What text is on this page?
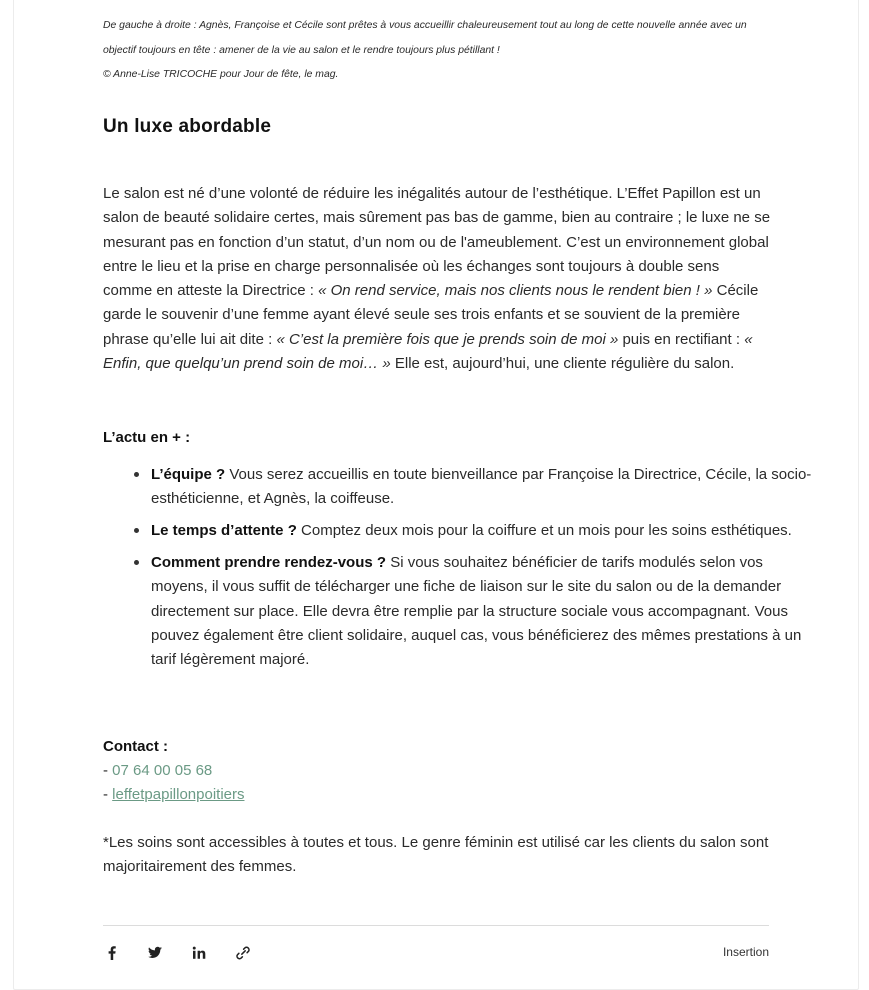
De gauche à droite : Agnès, Françoise et Cécile sont prêtes à vous accueillir chaleureusement tout au long de cette nouvelle année avec un objectif toujours en tête : amener de la vie au salon et le rendre toujours plus pétillant !

© Anne-Lise TRICOCHE pour Jour de fête, le mag.

Un luxe abordable

Le salon est né d’une volonté de réduire les inégalités autour de l’esthétique. L’Effet Papillon est un salon de beauté solidaire certes, mais sûrement pas bas de gamme, bien au contraire ; le luxe ne se mesurant pas en fonction d’un statut, d’un nom ou de l'ameublement. C’est un environnement global entre le lieu et la prise en charge personnalisée où les échanges sont toujours à double sens comme en atteste la Directrice : « On rend service, mais nos clients nous le rendent bien ! » Cécile garde le souvenir d’une femme ayant élevé seule ses trois enfants et se souvient de la première phrase qu’elle lui ait dite : « C’est la première fois que je prends soin de moi » puis en rectifiant : « Enfin, que quelqu’un prend soin de moi… » Elle est, aujourd’hui, une cliente régulière du salon.

L’actu en + :
L’équipe ? Vous serez accueillis en toute bienveillance par Françoise la Directrice, Cécile, la socio-esthéticienne, et Agnès, la coiffeuse.
Le temps d’attente ? Comptez deux mois pour la coiffure et un mois pour les soins esthétiques.
Comment prendre rendez-vous ? Si vous souhaitez bénéficier de tarifs modulés selon vos moyens, il vous suffit de télécharger une fiche de liaison sur le site du salon ou de la demander directement sur place. Elle devra être remplie par la structure sociale vous accompagnant. Vous pouvez également être client solidaire, auquel cas, vous bénéficierez des mêmes prestations à un tarif légèrement majoré.
Contact :
- 07 64 00 05 68
- leffetpapillonpoitiers

*Les soins sont accessibles à toutes et tous. Le genre féminin est utilisé car les clients du salon sont majoritairement des femmes.

Insertion
